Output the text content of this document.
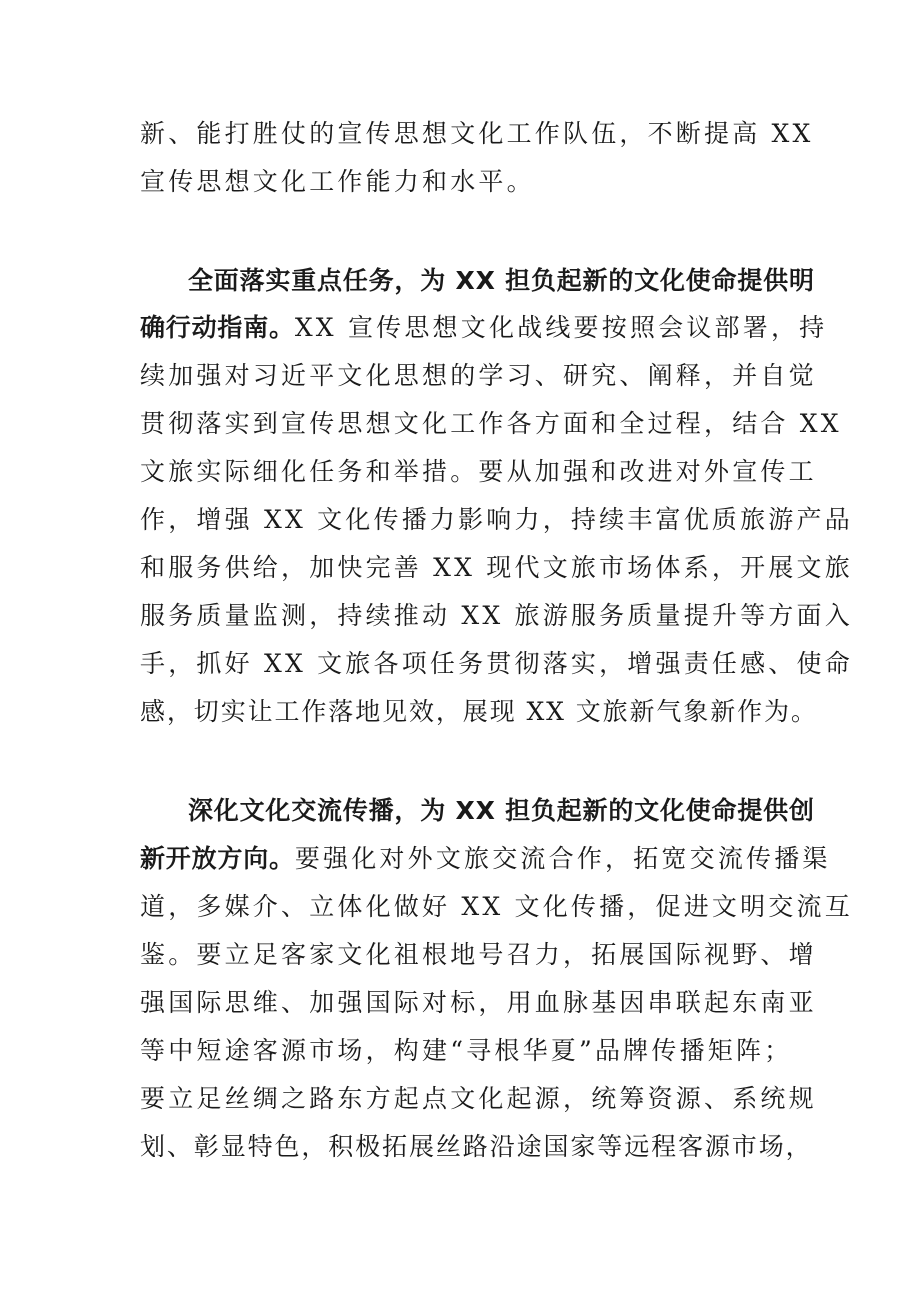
新、能打胜仗的宣传思想文化工作队伍，不断提高 XX
宣传思想文化工作能力和水平。
全面落实重点任务，为 XX 担负起新的文化使命提供明
确行动指南。XX 宣传思想文化战线要按照会议部署，持
续加强对习近平文化思想的学习、研究、阐释，并自觉
贯彻落实到宣传思想文化工作各方面和全过程，结合 XX
文旅实际细化任务和举措。要从加强和改进对外宣传工
作，增强 XX 文化传播力影响力，持续丰富优质旅游产品
和服务供给，加快完善 XX 现代文旅市场体系，开展文旅
服务质量监测，持续推动 XX 旅游服务质量提升等方面入
手，抓好 XX 文旅各项任务贯彻落实，增强责任感、使命
感，切实让工作落地见效，展现 XX 文旅新气象新作为。
深化文化交流传播，为 XX 担负起新的文化使命提供创
新开放方向。要强化对外文旅交流合作，拓宽交流传播渠
道，多媒介、立体化做好 XX 文化传播，促进文明交流互
鉴。要立足客家文化祖根地号召力，拓展国际视野、增
强国际思维、加强国际对标，用血脉基因串联起东南亚
等中短途客源市场，构建“寻根华夏”品牌传播矩阵；
要立足丝绸之路东方起点文化起源，统筹资源、系统规
划、彰显特色，积极拓展丝路沿途国家等远程客源市场，
